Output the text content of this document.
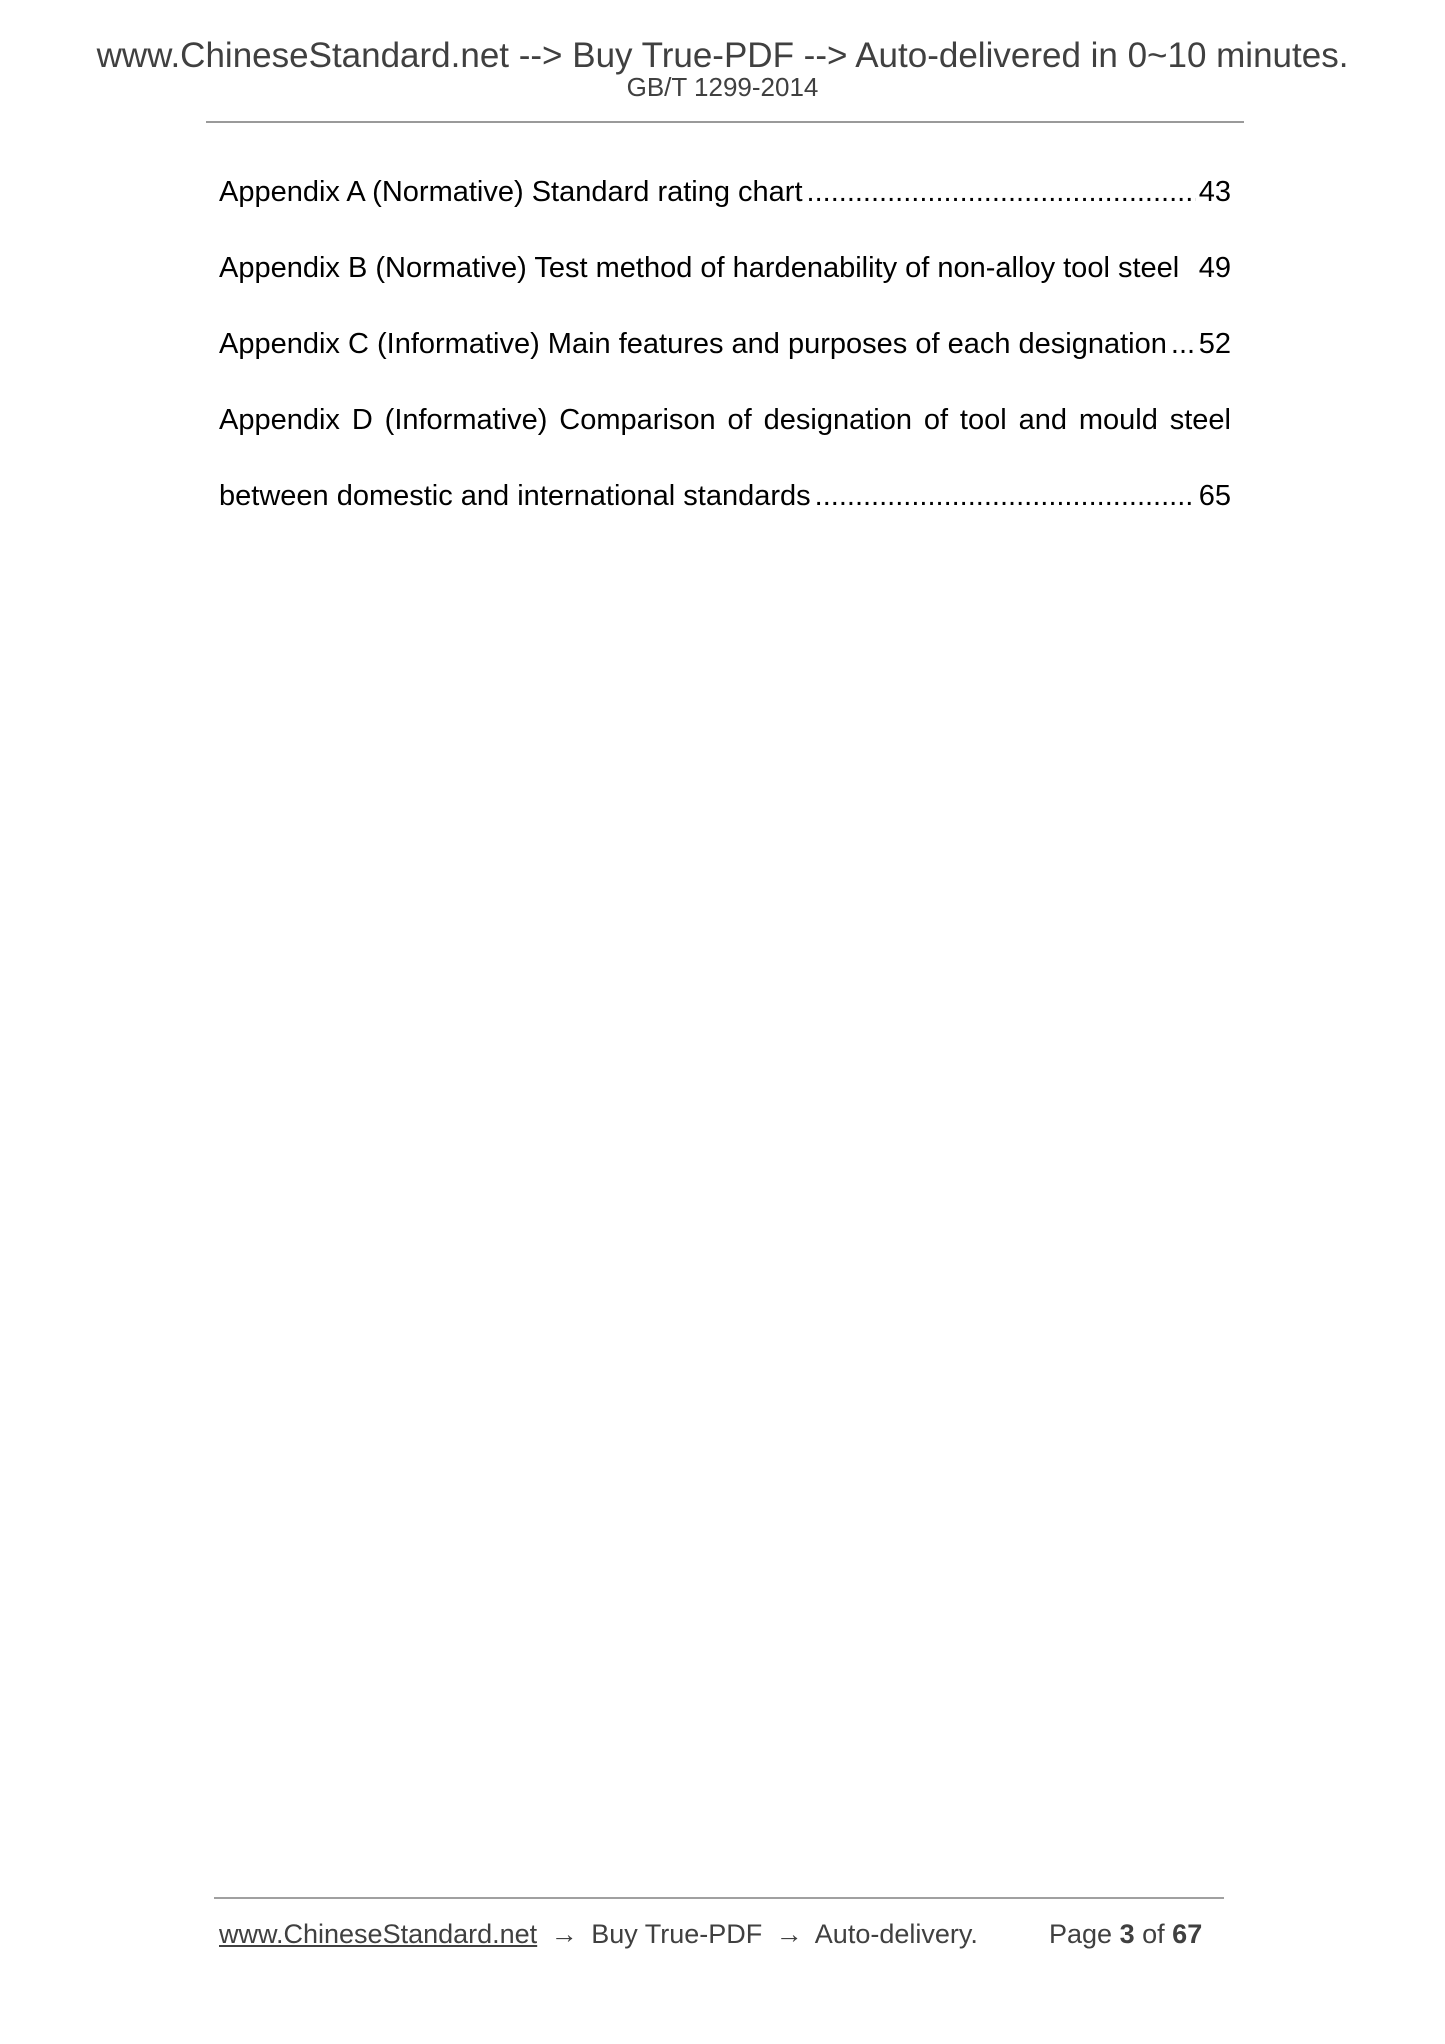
www.ChineseStandard.net --> Buy True-PDF --> Auto-delivered in 0~10 minutes.
GB/T 1299-2014
Appendix A (Normative) Standard rating chart .....	43
Appendix B (Normative) Test method of hardenability of non-alloy tool steel 49
Appendix C (Informative) Main features and purposes of each designation ..... 52
Appendix D (Informative) Comparison of designation of tool and mould steel
between domestic and international standards .....	65
www.ChineseStandard.net → Buy True-PDF → Auto-delivery.	Page 3 of 67
